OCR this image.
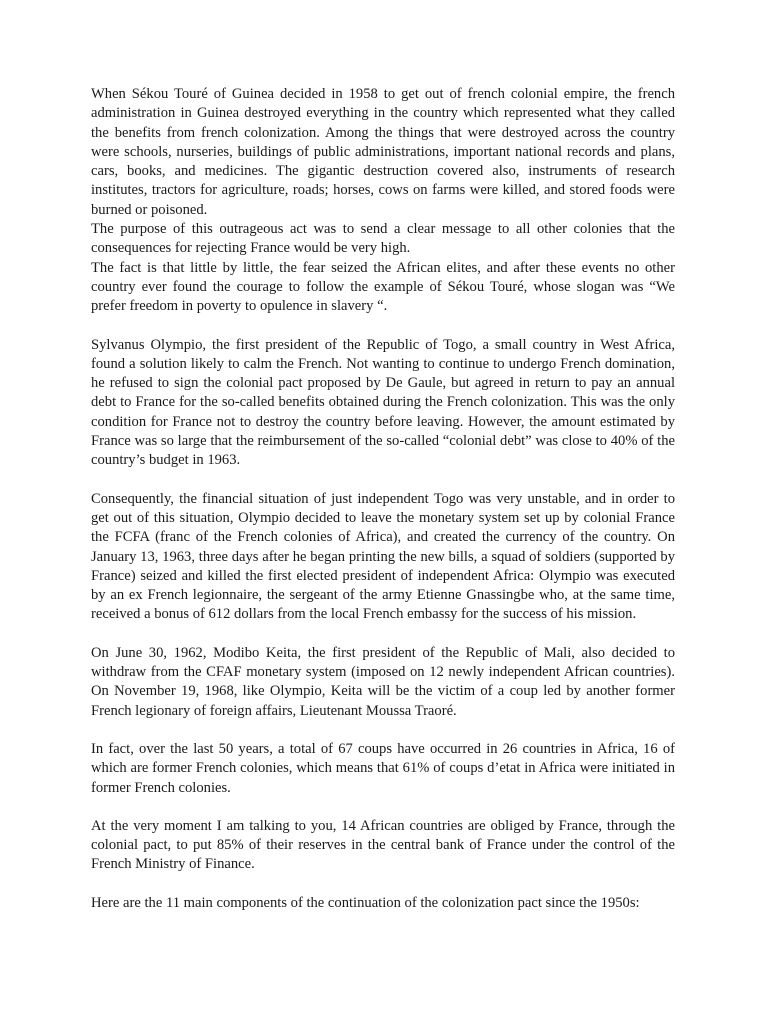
When Sékou Touré of Guinea decided in 1958 to get out of french colonial empire, the french administration in Guinea destroyed everything in the country which represented what they called the benefits from french colonization. Among the things that were destroyed across the country were schools, nurseries, buildings of public administrations, important national records and plans, cars, books, and medicines. The gigantic destruction covered also, instruments of research institutes, tractors for agriculture, roads; horses, cows on farms were killed, and stored foods were burned or poisoned.

The purpose of this outrageous act was to send a clear message to all other colonies that the consequences for rejecting France would be very high.

The fact is that little by little, the fear seized the African elites, and after these events no other country ever found the courage to follow the example of Sékou Touré, whose slogan was “We prefer freedom in poverty to opulence in slavery “.

Sylvanus Olympio, the first president of the Republic of Togo, a small country in West Africa, found a solution likely to calm the French. Not wanting to continue to undergo French domination, he refused to sign the colonial pact proposed by De Gaule, but agreed in return to pay an annual debt to France for the so-called benefits obtained during the French colonization. This was the only condition for France not to destroy the country before leaving. However, the amount estimated by France was so large that the reimbursement of the so-called “colonial debt” was close to 40% of the country’s budget in 1963.

Consequently, the financial situation of just independent Togo was very unstable, and in order to get out of this situation, Olympio decided to leave the monetary system set up by colonial France the FCFA (franc of the French colonies of Africa), and created the currency of the country. On January 13, 1963, three days after he began printing the new bills, a squad of soldiers (supported by France) seized and killed the first elected president of independent Africa: Olympio was executed by an ex French legionnaire, the sergeant of the army Etienne Gnassingbe who, at the same time, received a bonus of 612 dollars from the local French embassy for the success of his mission.

On June 30, 1962, Modibo Keita, the first president of the Republic of Mali, also decided to withdraw from the CFAF monetary system (imposed on 12 newly independent African countries). On November 19, 1968, like Olympio, Keita will be the victim of a coup led by another former French legionary of foreign affairs, Lieutenant Moussa Traoré.

In fact, over the last 50 years, a total of 67 coups have occurred in 26 countries in Africa, 16 of which are former French colonies, which means that 61% of coups d’etat in Africa were initiated in former French colonies.

At the very moment I am talking to you, 14 African countries are obliged by France, through the colonial pact, to put 85% of their reserves in the central bank of France under the control of the French Ministry of Finance.

Here are the 11 main components of the continuation of the colonization pact since the 1950s:
